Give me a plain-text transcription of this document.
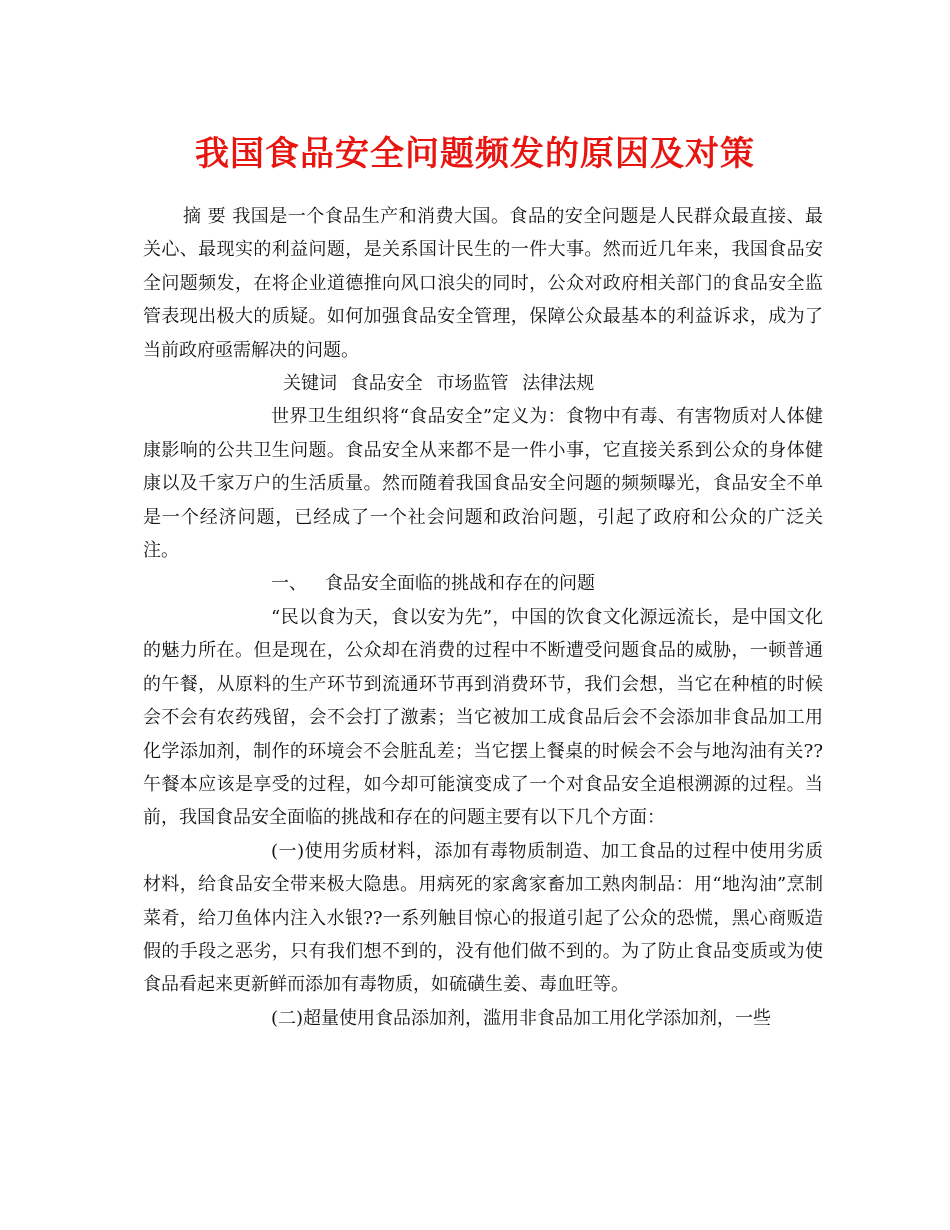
我国食品安全问题频发的原因及对策

摘 要 我国是一个食品生产和消费大国。食品的安全问题是人民群众最直接、最关心、最现实的利益问题，是关系国计民生的一件大事。然而近几年来，我国食品安全问题频发，在将企业道德推向风口浪尖的同时，公众对政府相关部门的食品安全监管表现出极大的质疑。如何加强食品安全管理，保障公众最基本的利益诉求，成为了当前政府亟需解决的问题。

关键词 食品安全 市场监管 法律法规

世界卫生组织将“食品安全”定义为：食物中有毒、有害物质对人体健康影响的公共卫生问题。食品安全从来都不是一件小事，它直接关系到公众的身体健康以及千家万户的生活质量。然而随着我国食品安全问题的频频曝光，食品安全不单是一个经济问题，已经成了一个社会问题和政治问题，引起了政府和公众的广泛关注。

一、 食品安全面临的挑战和存在的问题

“民以食为天，食以安为先”，中国的饮食文化源远流长，是中国文化的魅力所在。但是现在，公众却在消费的过程中不断遭受问题食品的威胁，一顿普通的午餐，从原料的生产环节到流通环节再到消费环节，我们会想，当它在种植的时候会不会有农药残留，会不会打了激素；当它被加工成食品后会不会添加非食品加工用化学添加剂，制作的环境会不会脏乱差；当它摆上餐桌的时候会不会与地沟油有关??午餐本应该是享受的过程，如今却可能演变成了一个对食品安全追根溯源的过程。当前，我国食品安全面临的挑战和存在的问题主要有以下几个方面：

(一)使用劣质材料，添加有毒物质制造、加工食品的过程中使用劣质材料，给食品安全带来极大隐患。用病死的家禽家畜加工熟肉制品：用“地沟油”烹制菜肴，给刀鱼体内注入水银??一系列触目惊心的报道引起了公众的恐慌，黑心商贩造假的手段之恶劣，只有我们想不到的，没有他们做不到的。为了防止食品变质或为使食品看起来更新鲜而添加有毒物质，如硫磺生姜、毒血旺等。

(二)超量使用食品添加剂，滥用非食品加工用化学添加剂，一些
